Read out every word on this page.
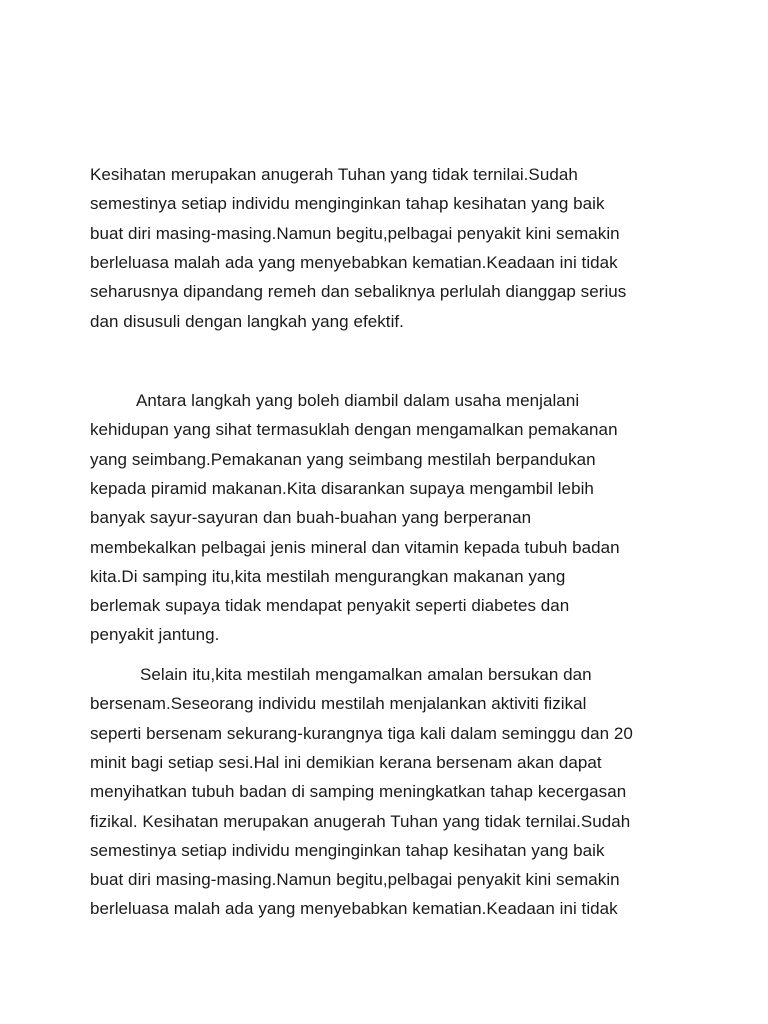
Kesihatan merupakan anugerah Tuhan yang tidak ternilai.Sudah

semestinya setiap individu menginginkan tahap kesihatan yang baik

buat diri masing-masing.Namun begitu,pelbagai penyakit kini semakin

berleluasa malah ada yang menyebabkan kematian.Keadaan ini tidak

seharusnya dipandang remeh dan sebaliknya perlulah dianggap serius

dan disusuli dengan langkah yang efektif.

Antara langkah yang boleh diambil dalam usaha menjalani

kehidupan yang sihat termasuklah dengan mengamalkan pemakanan

yang seimbang.Pemakanan yang seimbang mestilah berpandukan

kepada piramid makanan.Kita disarankan supaya mengambil lebih

banyak sayur-sayuran dan buah-buahan yang berperanan

membekalkan pelbagai jenis mineral dan vitamin kepada tubuh badan

kita.Di samping itu,kita mestilah mengurangkan makanan yang

berlemak supaya tidak mendapat penyakit seperti diabetes dan

penyakit jantung.

Selain itu,kita mestilah mengamalkan amalan bersukan dan

bersenam.Seseorang individu mestilah menjalankan aktiviti fizikal

seperti bersenam sekurang-kurangnya tiga kali dalam seminggu dan 20

minit bagi setiap sesi.Hal ini demikian kerana bersenam akan dapat

menyihatkan tubuh badan di samping meningkatkan tahap kecergasan

fizikal. Kesihatan merupakan anugerah Tuhan yang tidak ternilai.Sudah

semestinya setiap individu menginginkan tahap kesihatan yang baik

buat diri masing-masing.Namun begitu,pelbagai penyakit kini semakin

berleluasa malah ada yang menyebabkan kematian.Keadaan ini tidak
